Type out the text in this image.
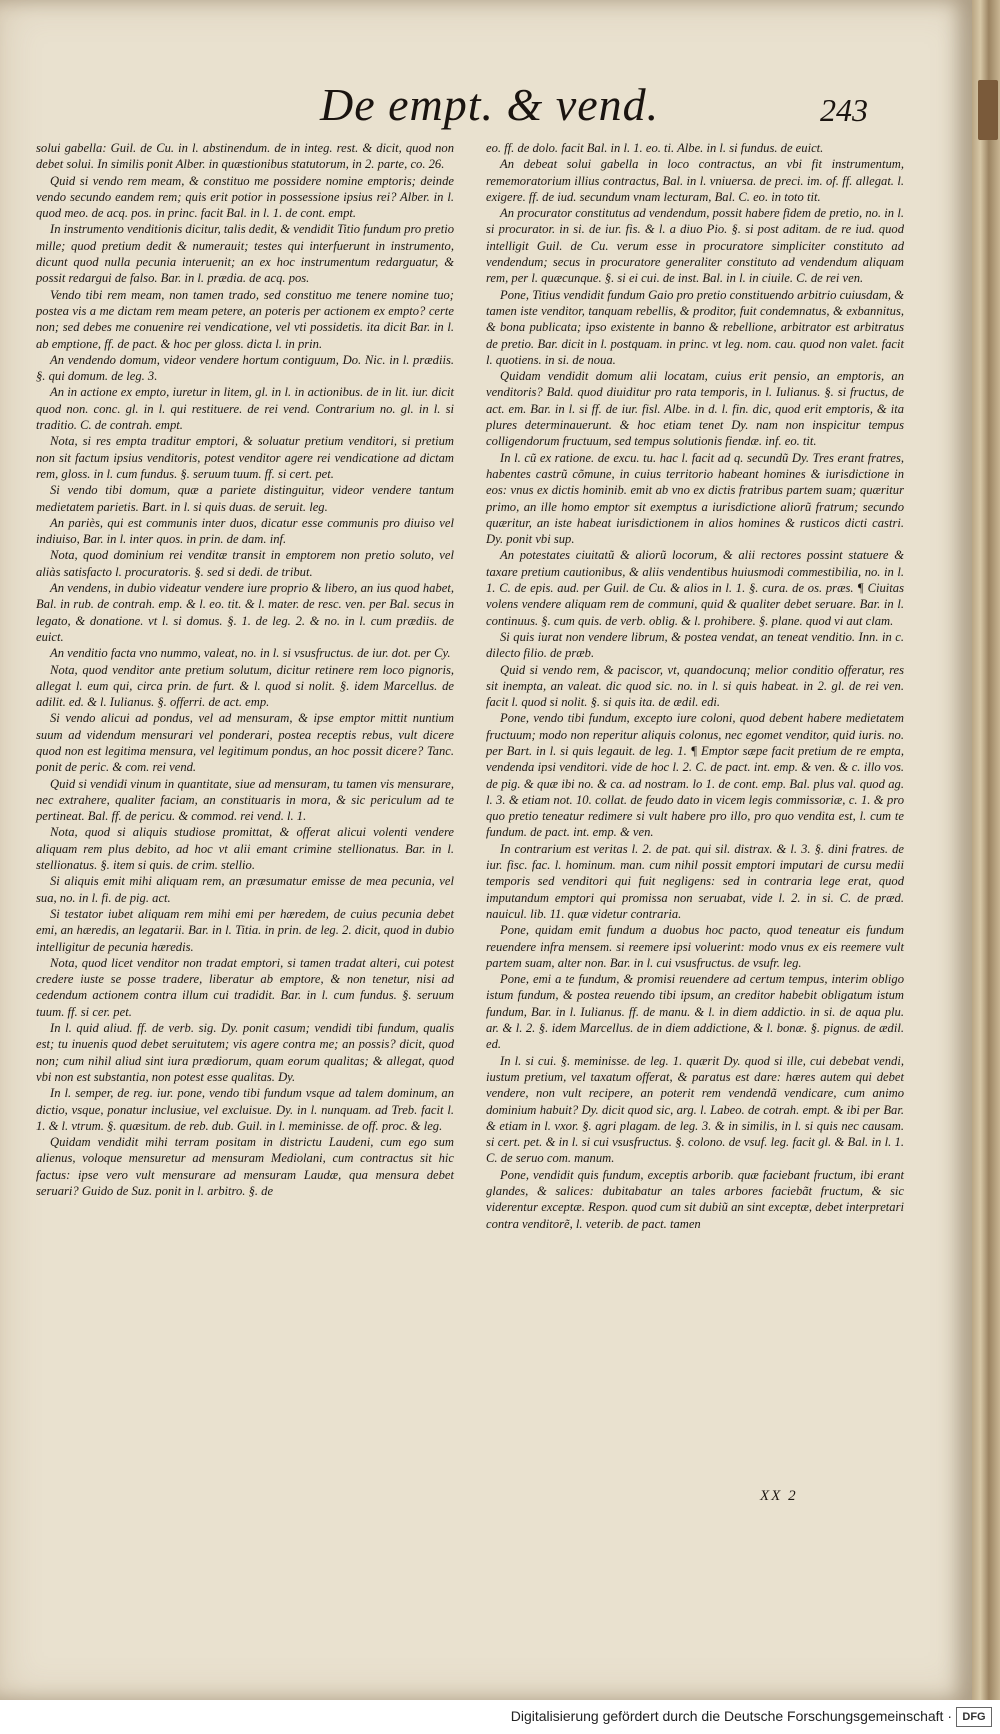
De empt. & vend.	243

solui gabella: Guil. de Cu. in l. abstinendum. de in integ. rest. & dicit, quod non debet solui. In similis ponit Alber. in quæstionibus statutorum, in 2. parte, co. 26.

Quid si vendo rem meam, & constituo me possidere nomine emptoris; deinde vendo secundo eandem rem; quis erit potior in possessione ipsius rei? Alber. in l. quod meo. de acq. pos. in princ. facit Bal. in l. 1. de cont. empt.

In instrumento venditionis dicitur, talis dedit, & vendidit Titio fundum pro pretio mille; quod pretium dedit & numerauit; testes qui interfuerunt in instrumento, dicunt quod nulla pecunia interuenit; an ex hoc instrumentum redarguatur, & possit redargui de falso. Bar. in l. prædia. de acq. pos.

Vendo tibi rem meam, non tamen trado, sed constituo me tenere nomine tuo; postea vis a me dictam rem meam petere, an poteris per actionem ex empto? certe non; sed debes me conuenire rei vendicatione, vel vti possidetis. ita dicit Bar. in l. ab emptione, ff. de pact. & hoc per gloss. dicta l. in prin.

An vendendo domum, videor vendere hortum contiguum, Do. Nic. in l. prædiis. §. qui domum. de leg. 3.

An in actione ex empto, iuretur in litem, gl. in l. in actionibus. de in lit. iur. dicit quod non. conc. gl. in l. qui restituere. de rei vend. Contrarium no. gl. in l. si traditio. C. de contrah. empt.

Nota, si res empta traditur emptori, & soluatur pretium venditori, si pretium non sit factum ipsius venditoris, potest venditor agere rei vendicatione ad dictam rem, gloss. in l. cum fundus. §. seruum tuum. ff. si cert. pet.

Si vendo tibi domum, quæ a pariete distinguitur, videor vendere tantum medietatem parietis. Bart. in l. si quis duas. de seruit. leg.

An pariès, qui est communis inter duos, dicatur esse communis pro diuiso vel indiuiso, Bar. in l. inter quos. in prin. de dam. inf.

Nota, quod dominium rei venditæ transit in emptorem non pretio soluto, vel aliàs satisfacto l. procuratoris. §. sed si dedi. de tribut.

An vendens, in dubio videatur vendere iure proprio & libero, an ius quod habet, Bal. in rub. de contrah. emp. & l. eo. tit. & l. mater. de resc. ven. per Bal. secus in legato, & donatione. vt l. si domus. §. 1. de leg. 2. & no. in l. cum prædiis. de euict.

An venditio facta vno nummo, valeat, no. in l. si vsusfructus. de iur. dot. per Cy.

Nota, quod venditor ante pretium solutum, dicitur retinere rem loco pignoris, allegat l. eum qui, circa prin. de furt. & l. quod si nolit. §. idem Marcellus. de adilit. ed. & l. Iulianus. §. offerri. de act. emp.

Si vendo alicui ad pondus, vel ad mensuram, & ipse emptor mittit nuntium suum ad videndum mensurari vel ponderari, postea receptis rebus, vult dicere quod non est legitima mensura, vel legitimum pondus, an hoc possit dicere? Tanc. ponit de peric. & com. rei vend.

Quid si vendidi vinum in quantitate, siue ad mensuram, tu tamen vis mensurare, nec extrahere, qualiter faciam, an constituaris in mora, & sic periculum ad te pertineat. Bal. ff. de pericu. & commod. rei vend. l. 1.

Nota, quod si aliquis studiose promittat, & offerat alicui volenti vendere aliquam rem plus debito, ad hoc vt alii emant crimine stellionatus. Bar. in l. stellionatus. §. item si quis. de crim. stellio.

Si aliquis emit mihi aliquam rem, an præsumatur emisse de mea pecunia, vel sua, no. in l. fi. de pig. act.

Si testator iubet aliquam rem mihi emi per hæredem, de cuius pecunia debet emi, an hæredis, an legatarii. Bar. in l. Titia. in prin. de leg. 2. dicit, quod in dubio intelligitur de pecunia hæredis.

Nota, quod licet venditor non tradat emptori, si tamen tradat alteri, cui potest credere iuste se posse tradere, liberatur ab emptore, & non tenetur, nisi ad cedendum actionem contra illum cui tradidit. Bar. in l. cum fundus. §. seruum tuum. ff. si cer. pet.

In l. quid aliud. ff. de verb. sig. Dy. ponit casum; vendidi tibi fundum, qualis est; tu inuenis quod debet seruitutem; vis agere contra me; an possis? dicit, quod non; cum nihil aliud sint iura prædiorum, quam eorum qualitas; & allegat, quod vbi non est substantia, non potest esse qualitas. Dy.

In l. semper, de reg. iur. pone, vendo tibi fundum vsque ad talem dominum, an dictio, vsque, ponatur inclusiue, vel excluisue. Dy. in l. nunquam. ad Treb. facit l. 1. & l. vtrum. §. quæsitum. de reb. dub. Guil. in l. meminisse. de off. proc. & leg.

Quidam vendidit mihi terram positam in districtu Laudeni, cum ego sum alienus, voloque mensuretur ad mensuram Mediolani, cum contractus sit hic factus: ipse vero vult mensurare ad mensuram Laudæ, qua mensura debet seruari? Guido de Suz. ponit in l. arbitro. §. de

eo. ff. de dolo. facit Bal. in l. 1. eo. ti. Albe. in l. si fundus. de euict.

An debeat solui gabella in loco contractus, an vbi fit instrumentum, rememoratorium illius contractus, Bal. in l. vniuersa. de preci. im. of. ff. allegat. l. exigere. ff. de iud. secundum vnam lecturam, Bal. C. eo. in toto tit.

An procurator constitutus ad vendendum, possit habere fidem de pretio, no. in l. si procurator. in si. de iur. fis. & l. a diuo Pio. §. si post aditam. de re iud. quod intelligit Guil. de Cu. verum esse in procuratore simpliciter constituto ad vendendum; secus in procuratore generaliter constituto ad vendendum aliquam rem, per l. quæcunque. §. si ei cui. de inst. Bal. in l. in ciuile. C. de rei ven.

Pone, Titius vendidit fundum Gaio pro pretio constituendo arbitrio cuiusdam, & tamen iste venditor, tanquam rebellis, & proditor, fuit condemnatus, & exbannitus, & bona publicata; ipso existente in banno & rebellione, arbitrator est arbitratus de pretio. Bar. dicit in l. postquam. in princ. vt leg. nom. cau. quod non valet. facit l. quotiens. in si. de noua.

Quidam vendidit domum alii locatam, cuius erit pensio, an emptoris, an venditoris? Bald. quod diuiditur pro rata temporis, in l. Iulianus. §. si fructus, de act. em. Bar. in l. si ff. de iur. fisl. Albe. in d. l. fin. dic, quod erit emptoris, & ita plures determinauerunt. & hoc etiam tenet Dy. nam non inspicitur tempus colligendorum fructuum, sed tempus solutionis fiendæ. inf. eo. tit.

In l. cũ ex ratione. de excu. tu. hac l. facit ad q. secundũ Dy. Tres erant fratres, habentes castrũ cõmune, in cuius territorio habeant homines & iurisdictione in eos: vnus ex dictis hominib. emit ab vno ex dictis fratribus partem suam; quæritur primo, an ille homo emptor sit exemptus a iurisdictione aliorũ fratrum; secundo quæritur, an iste habeat iurisdictionem in alios homines & rusticos dicti castri. Dy. ponit vbi sup.

An potestates ciuitatũ & aliorũ locorum, & alii rectores possint statuere & taxare pretium cautionibus, & aliis vendentibus huiusmodi commestibilia, no. in l. 1. C. de epis. aud. per Guil. de Cu. & alios in l. 1. §. cura. de os. præs. ¶ Ciuitas volens vendere aliquam rem de communi, quid & qualiter debet seruare. Bar. in l. continuus. §. cum quis. de verb. oblig. & l. prohibere. §. plane. quod vi aut clam.

Si quis iurat non vendere librum, & postea vendat, an teneat venditio. Inn. in c. dilecto filio. de præb.

Quid si vendo rem, & paciscor, vt, quandocunq; melior conditio offeratur, res sit inempta, an valeat. dic quod sic. no. in l. si quis habeat. in 2. gl. de rei ven. facit l. quod si nolit. §. si quis ita. de ædil. edi.

Pone, vendo tibi fundum, excepto iure coloni, quod debent habere medietatem fructuum; modo non reperitur aliquis colonus, nec egomet venditor, quid iuris. no. per Bart. in l. si quis legauit. de leg. 1. ¶ Emptor sæpe facit pretium de re empta, vendenda ipsi venditori. vide de hoc l. 2. C. de pact. int. emp. & ven. & c. illo vos. de pig. & quæ ibi no. & ca. ad nostram. lo 1. de cont. emp. Bal. plus val. quod ag. l. 3. & etiam not. 10. collat. de feudo dato in vicem legis commissoriæ, c. 1. & pro quo pretio teneatur redimere si vult habere pro illo, pro quo vendita est, l. cum te fundum. de pact. int. emp. & ven.

In contrarium est veritas l. 2. de pat. qui sil. distrax. & l. 3. §. dini fratres. de iur. fisc. fac. l. hominum. man. cum nihil possit emptori imputari de cursu medii temporis sed venditori qui fuit negligens: sed in contraria lege erat, quod imputandum emptori qui promissa non seruabat, vide l. 2. in si. C. de præd. nauicul. lib. 11. quæ videtur contraria.

Pone, quidam emit fundum a duobus hoc pacto, quod teneatur eis fundum reuendere infra mensem. si reemere ipsi voluerint: modo vnus ex eis reemere vult partem suam, alter non. Bar. in l. cui vsusfructus. de vsufr. leg.

Pone, emi a te fundum, & promisi reuendere ad certum tempus, interim obligo istum fundum, & postea reuendo tibi ipsum, an creditor habebit obligatum istum fundum, Bar. in l. Iulianus. ff. de manu. & l. in diem addictio. in si. de aqua plu. ar. & l. 2. §. idem Marcellus. de in diem addictione, & l. bonæ. §. pignus. de ædil. ed.

In l. si cui. §. meminisse. de leg. 1. quærit Dy. quod si ille, cui debebat vendi, iustum pretium, vel taxatum offerat, & paratus est dare: hæres autem qui debet vendere, non vult recipere, an poterit rem vendendã vendicare, cum animo dominium habuit? Dy. dicit quod sic, arg. l. Labeo. de cotrah. empt. & ibi per Bar. & etiam in l. vxor. §. agri plagam. de leg. 3. & in similis, in l. si quis nec causam. si cert. pet. & in l. si cui vsusfructus. §. colono. de vsuf. leg. facit gl. & Bal. in l. 1. C. de seruo com. manum.

Pone, vendidit quis fundum, exceptis arborib. quæ faciebant fructum, ibi erant glandes, & salices: dubitabatur an tales arbores faciebãt fructum, & sic viderentur exceptæ. Respon. quod cum sit dubiũ an sint exceptæ, debet interpretari contra venditorẽ, l. veterib. de pact. tamen

XX 2
Digitalisierung gefördert durch die Deutsche Forschungsgemeinschaft · DFG
